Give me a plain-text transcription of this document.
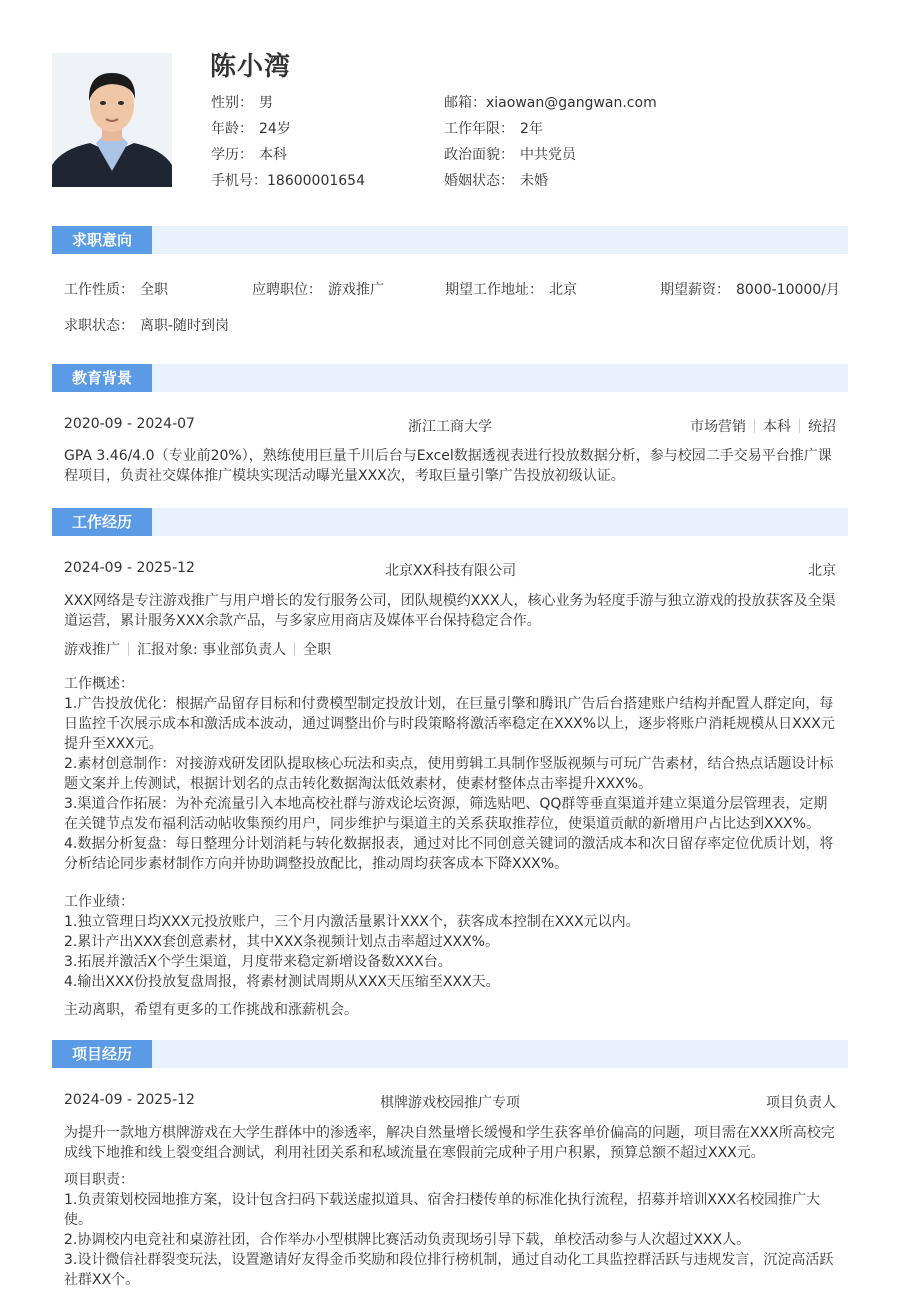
陈小湾
性别： 男
年龄： 24岁
学历： 本科
手机号：18600001654
邮箱：xiaowan@gangwan.com
工作年限： 2年
政治面貌： 中共党员
婚姻状态： 未婚
求职意向
工作性质： 全职	应聘职位： 游戏推广	期望工作地址： 北京	期望薪资： 8000-10000/月
求职状态： 离职-随时到岗
教育背景
2020-09 - 2024-07	浙江工商大学	市场营销 本科 统招
GPA 3.46/4.0（专业前20%），熟练使用巨量千川后台与Excel数据透视表进行投放数据分析，参与校园二手交易平台推广课程项目，负责社交媒体推广模块实现活动曝光量XXX次，考取巨量引擎广告投放初级认证。
工作经历
2024-09 - 2025-12	北京XX科技有限公司	北京
XXX网络是专注游戏推广与用户增长的发行服务公司，团队规模约XXX人，核心业务为轻度手游与独立游戏的投放获客及全渠道运营，累计服务XXX余款产品，与多家应用商店及媒体平台保持稳定合作。
游戏推广 汇报对象: 事业部负责人 全职
工作概述：
1.广告投放优化：根据产品留存目标和付费模型制定投放计划，在巨量引擎和腾讯广告后台搭建账户结构并配置人群定向，每日监控千次展示成本和激活成本波动，通过调整出价与时段策略将激活率稳定在XXX%以上，逐步将账户消耗规模从日XXX元提升至XXX元。
2.素材创意制作：对接游戏研发团队提取核心玩法和卖点，使用剪辑工具制作竖版视频与可玩广告素材，结合热点话题设计标题文案并上传测试，根据计划名的点击转化数据淘汰低效素材，使素材整体点击率提升XXX%。
3.渠道合作拓展：为补充流量引入本地高校社群与游戏论坛资源，筛选贴吧、QQ群等垂直渠道并建立渠道分层管理表，定期在关键节点发布福利活动帖收集预约用户，同步维护与渠道主的关系获取推荐位，使渠道贡献的新增用户占比达到XXX%。
4.数据分析复盘：每日整理分计划消耗与转化数据报表，通过对比不同创意关键词的激活成本和次日留存率定位优质计划，将分析结论同步素材制作方向并协助调整投放配比，推动周均获客成本下降XXX%。
工作业绩：
1.独立管理日均XXX元投放账户，三个月内激活量累计XXX个，获客成本控制在XXX元以内。
2.累计产出XXX套创意素材，其中XXX条视频计划点击率超过XXX%。
3.拓展并激活X个学生渠道，月度带来稳定新增设备数XXX台。
4.输出XXX份投放复盘周报，将素材测试周期从XXX天压缩至XXX天。
主动离职，希望有更多的工作挑战和涨薪机会。
项目经历
2024-09 - 2025-12	棋牌游戏校园推广专项	项目负责人
为提升一款地方棋牌游戏在大学生群体中的渗透率，解决自然量增长缓慢和学生获客单价偏高的问题，项目需在XXX所高校完成线下地推和线上裂变组合测试，利用社团关系和私域流量在寒假前完成种子用户积累，预算总额不超过XXX元。
项目职责：
1.负责策划校园地推方案，设计包含扫码下载送虚拟道具、宿舍扫楼传单的标准化执行流程，招募并培训XXX名校园推广大使。
2.协调校内电竞社和桌游社团，合作举办小型棋牌比赛活动负责现场引导下载，单校活动参与人次超过XXX人。
3.设计微信社群裂变玩法，设置邀请好友得金币奖励和段位排行榜机制，通过自动化工具监控群活跃与违规发言，沉淀高活跃社群XX个。
